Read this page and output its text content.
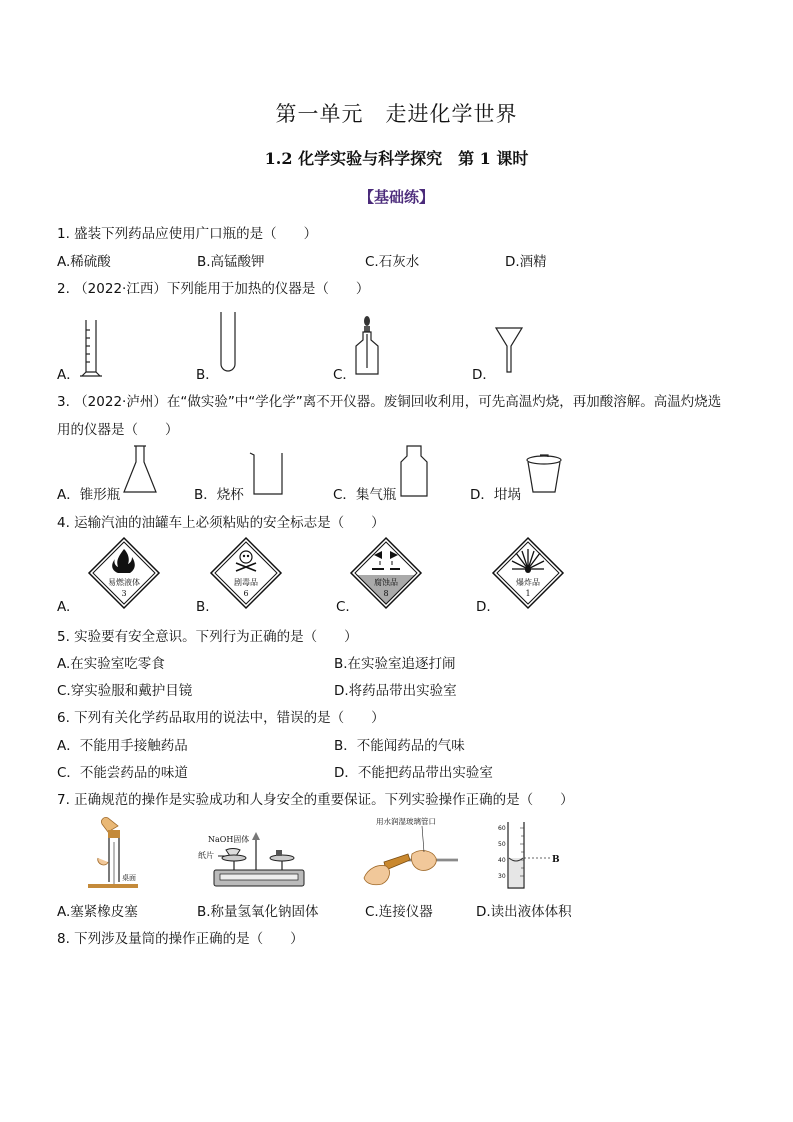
第一单元　走进化学世界
1.2 化学实验与科学探究　第 1 课时
【基础练】
1. 盛装下列药品应使用广口瓶的是（　　）
A.稀硫酸	B.高锰酸钾	C.石灰水	D.酒精
2. （2022·江西）下列能用于加热的仪器是（　　）
A．	B．	C．	D．
3. （2022·泸州）在“做实验”中“学化学”离不开仪器。废铜回收利用，可先高温灼烧，再加酸溶解。高温灼烧选
用的仪器是（　　）
A．锥形瓶	B．烧杯	C．集气瓶	D．坩埚
4. 运输汽油的油罐车上必须粘贴的安全标志是（　　）
A.	B.	C.	D.
易燃液体
3
剧毒品
6
腐蚀品
8
爆炸品
1
5. 实验要有安全意识。下列行为正确的是（　　）
A.在实验室吃零食	B.在实验室追逐打闹
C.穿实验服和戴护目镜	D.将药品带出实验室
6. 下列有关化学药品取用的说法中，错误的是（　　）
A．不能用手接触药品	B．不能闻药品的气味
C．不能尝药品的味道	D．不能把药品带出实验室
7. 正确规范的操作是实验成功和人身安全的重要保证。下列实验操作正确的是（　　）
桌面
NaOH固体
纸片
用水润湿玻璃管口
60
50
40
30
B
A.塞紧橡皮塞	B.称量氢氧化钠固体	C.连接仪器	D.读出液体体积
8. 下列涉及量筒的操作正确的是（　　）
